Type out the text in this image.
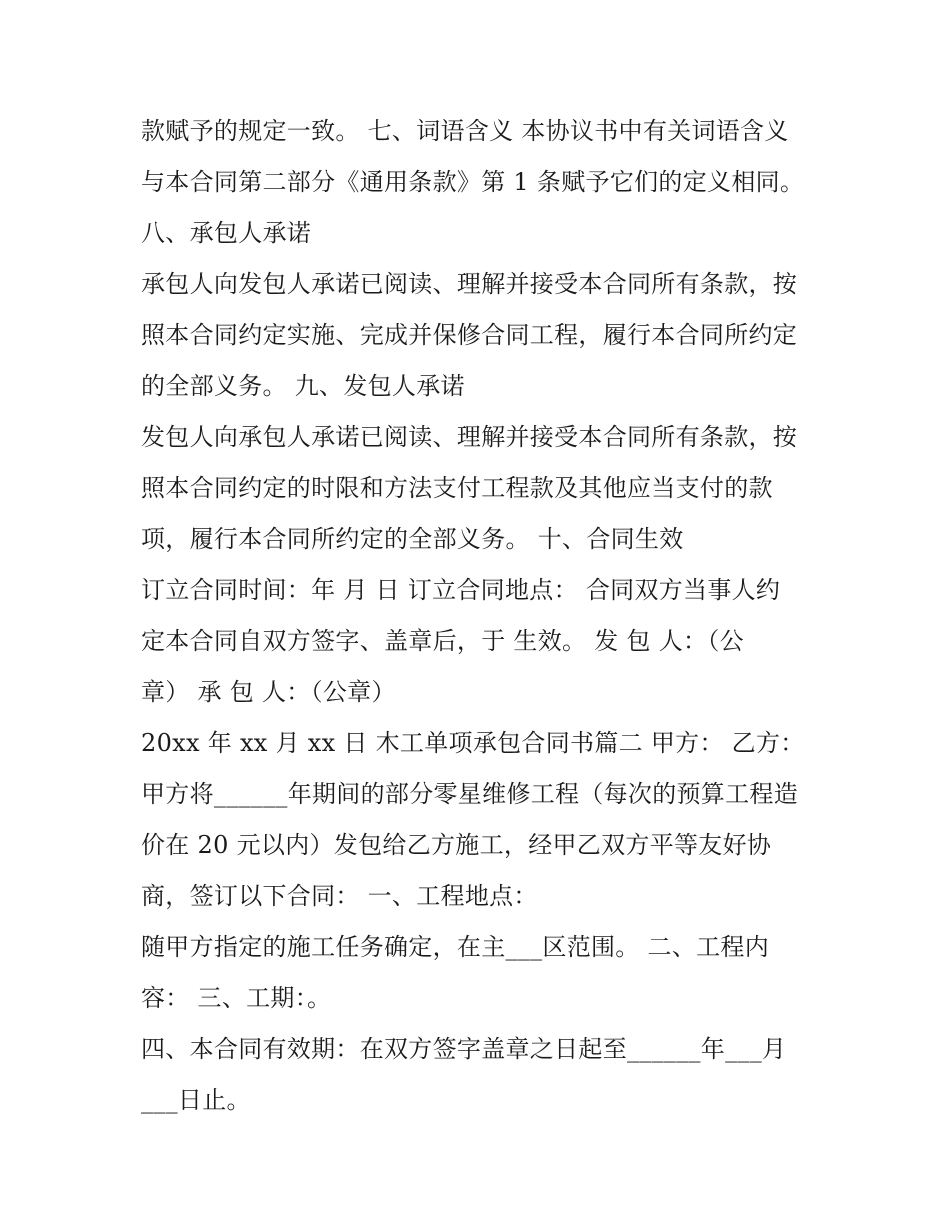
款赋予的规定一致。 七、词语含义 本协议书中有关词语含义
与本合同第二部分《通用条款》第 1 条赋予它们的定义相同。
八、承包人承诺
承包人向发包人承诺已阅读、理解并接受本合同所有条款，按
照本合同约定实施、完成并保修合同工程，履行本合同所约定
的全部义务。 九、发包人承诺
发包人向承包人承诺已阅读、理解并接受本合同所有条款，按
照本合同约定的时限和方法支付工程款及其他应当支付的款
项，履行本合同所约定的全部义务。 十、合同生效
订立合同时间：年 月 日 订立合同地点： 合同双方当事人约
定本合同自双方签字、盖章后，于 生效。 发 包 人：（公
章） 承 包 人：（公章）
20xx 年 xx 月 xx 日 木工单项承包合同书篇二 甲方： 乙方：
甲方将______年期间的部分零星维修工程（每次的预算工程造
价在 20 元以内）发包给乙方施工，经甲乙双方平等友好协
商，签订以下合同： 一、工程地点：
随甲方指定的施工任务确定，在主___区范围。 二、工程内
容： 三、工期：。
四、本合同有效期：在双方签字盖章之日起至______年___月
___日止。
